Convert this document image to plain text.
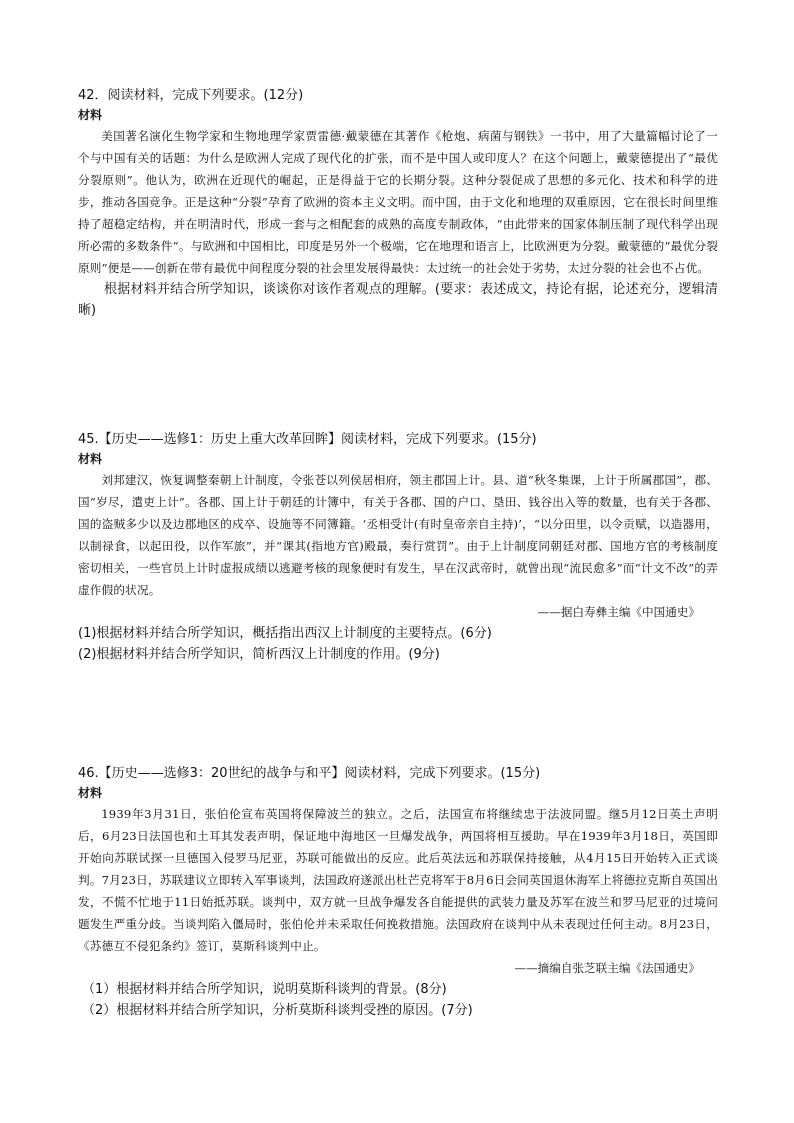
42．阅读材料，完成下列要求。(12分)
材料

美国著名演化生物学家和生物地理学家贾雷德·戴蒙德在其著作《枪炮、病菌与钢铁》一书中，用了大量篇幅讨论了一个与中国有关的话题：为什么是欧洲人完成了现代化的扩张，而不是中国人或印度人？在这个问题上，戴蒙德提出了“最优分裂原则”。他认为，欧洲在近现代的崛起，正是得益于它的长期分裂。这种分裂促成了思想的多元化、技术和科学的进步，推动各国竞争。正是这种“分裂”孕育了欧洲的资本主义文明。而中国，由于文化和地理的双重原因，它在很长时间里维持了超稳定结构，并在明清时代，形成一套与之相配套的成熟的高度专制政体，“由此带来的国家体制压制了现代科学出现所必需的多数条件”。与欧洲和中国相比，印度是另外一个极端，它在地理和语言上，比欧洲更为分裂。戴蒙德的“最优分裂原则”便是——创新在带有最优中间程度分裂的社会里发展得最快：太过统一的社会处于劣势，太过分裂的社会也不占优。

根据材料并结合所学知识，谈谈你对该作者观点的理解。(要求：表述成文，持论有据，论述充分，逻辑清晰)

45.【历史——选修1：历史上重大改革回眸】阅读材料，完成下列要求。(15分)
材料

刘邦建汉，恢复调整秦朝上计制度，令张苍以列侯居相府，领主郡国上计。县、道“秋冬集课，上计于所属郡国”，郡、国“岁尽，遣吏上计”。各郡、国上计于朝廷的计簿中，有关于各郡、国的户口、垦田、钱谷出入等的数量，也有关于各郡、国的盗贼多少以及边郡地区的戍卒、设施等不同簿籍。‘丞相受计(有时皇帝亲自主持)’，“以分田里，以令贡赋，以造器用，以制禄食，以起田役，以作军旅”，并“课其(指地方官)殿最，奏行赏罚”。由于上计制度同朝廷对郡、国地方官的考核制度密切相关，一些官员上计时虚报成绩以逃避考核的现象便时有发生，早在汉武帝时，就曾出现“流民愈多”而“计文不改”的弄虚作假的状况。

——据白寿彝主编《中国通史》
(1)根据材料并结合所学知识，概括指出西汉上计制度的主要特点。(6分)
(2)根据材料并结合所学知识，简析西汉上计制度的作用。(9分)
46.【历史——选修3：20世纪的战争与和平】阅读材料，完成下列要求。(15分)
材料

1939年3月31日，张伯伦宣布英国将保障波兰的独立。之后，法国宣布将继续忠于法波同盟。继5月12日英土声明后，6月23日法国也和土耳其发表声明，保证地中海地区一旦爆发战争，两国将相互援助。早在1939年3月18日，英国即开始向苏联试探一旦德国入侵罗马尼亚，苏联可能做出的反应。此后英法远和苏联保持接触，从4月15日开始转入正式谈判。7月23日，苏联建议立即转入军事谈判，法国政府遂派出杜芒克将军于8月6日会同英国退休海军上将德拉克斯自英国出发，不慌不忙地于11日始抵苏联。谈判中，双方就一旦战争爆发各自能提供的武装力量及苏军在波兰和罗马尼亚的过境问题发生严重分歧。当谈判陷入僵局时，张伯伦并未采取任何挽救措施。法国政府在谈判中从未表现过任何主动。8月23日，《苏德互不侵犯条约》签订，莫斯科谈判中止。

——摘编自张芝联主编《法国通史》
（1）根据材料并结合所学知识，说明莫斯科谈判的背景。(8分)
（2）根据材料并结合所学知识，分析莫斯科谈判受挫的原因。(7分)
